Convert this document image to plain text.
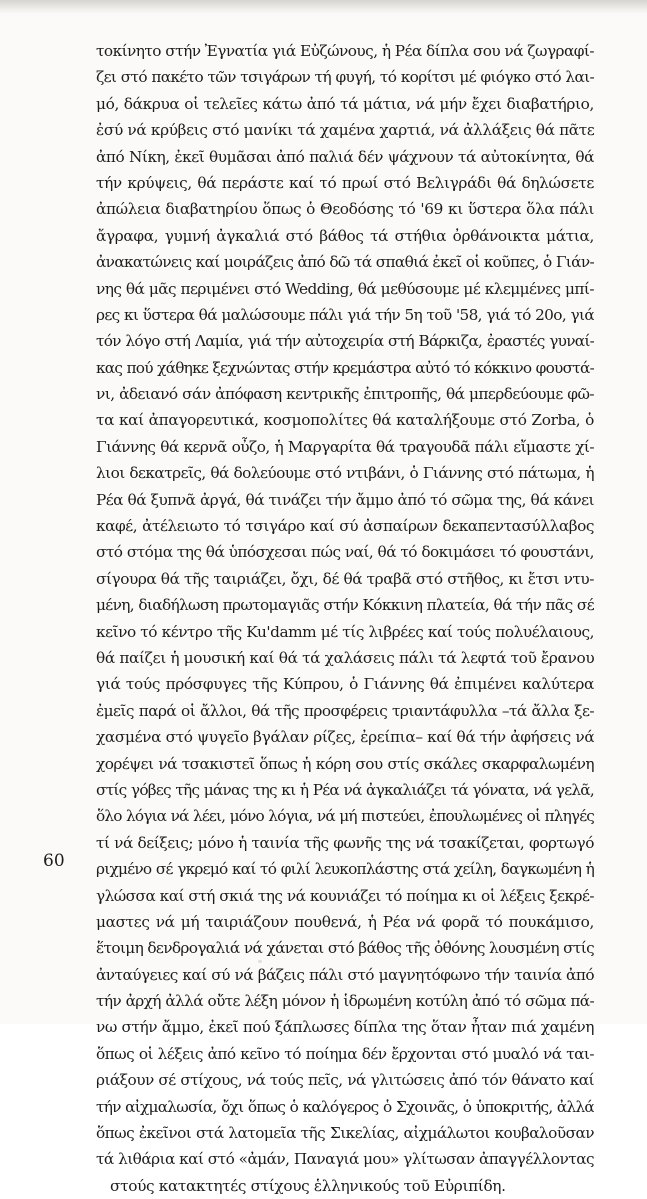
τοκίνητο στήν Ἐγνατία γιά Εὐζώνους, ἡ Ρέα δίπλα σου νά ζωγραφί-
ζει στό πακέτο τῶν τσιγάρων τή φυγή, τό κορίτσι μέ φιόγκο στό λαι-
μό, δάκρυα οἱ τελεῖες κάτω ἀπό τά μάτια, νά μήν ἔχει διαβατήριο,
ἐσύ νά κρύβεις στό μανίκι τά χαμένα χαρτιά, νά ἀλλάξεις θά πᾶτε
ἀπό Νίκη, ἐκεῖ θυμᾶσαι ἀπό παλιά δέν ψάχνουν τά αὐτοκίνητα, θά
τήν κρύψεις, θά περάστε καί τό πρωί στό Βελιγράδι θά δηλώσετε
ἀπώλεια διαβατηρίου ὅπως ὁ Θεοδόσης τό '69 κι ὕστερα ὅλα πάλι
ἄγραφα, γυμνή ἀγκαλιά στό βάθος τά στήθια ὀρθάνοικτα μάτια,
ἀνακατώνεις καί μοιράζεις ἀπό δῶ τά σπαθιά ἐκεῖ οἱ κοῦπες, ὁ Γιάν-
νης θά μᾶς περιμένει στό Wedding, θά μεθύσουμε μέ κλεμμένες μπί-
ρες κι ὕστερα θά μαλώσουμε πάλι γιά τήν 5η τοῦ '58, γιά τό 20ο, γιά
τόν λόγο στή Λαμία, γιά τήν αὐτοχειρία στή Βάρκιζα, ἐραστές γυναί-
κας πού χάθηκε ξεχνώντας στήν κρεμάστρα αὐτό τό κόκκινο φουστά-
νι, ἀδειανό σάν ἀπόφαση κεντρικῆς ἐπιτροπῆς, θά μπερδεύουμε φῶ-
τα καί ἀπαγορευτικά, κοσμοπολίτες θά καταλήξουμε στό Zorba, ὁ
Γιάννης θά κερνᾶ οὖζο, ἡ Μαργαρίτα θά τραγουδᾶ πάλι εἴμαστε χί-
λιοι δεκατρεῖς, θά δολεύουμε στό ντιβάνι, ὁ Γιάννης στό πάτωμα, ἡ
Ρέα θά ξυπνᾶ ἀργά, θά τινάζει τήν ἄμμο ἀπό τό σῶμα της, θά κάνει
καφέ, ἀτέλειωτο τό τσιγάρο καί σύ ἀσπαίρων δεκαπεντασύλλαβος
στό στόμα της θά ὑπόσχεσαι πώς ναί, θά τό δοκιμάσει τό φουστάνι,
σίγουρα θά τῆς ταιριάζει, ὄχι, δέ θά τραβᾶ στό στῆθος, κι ἔτσι ντυ-
μένη, διαδήλωση πρωτομαγιᾶς στήν Κόκκινη πλατεία, θά τήν πᾶς σέ
κεῖνο τό κέντρο τῆς Ku'damm μέ τίς λιβρέες καί τούς πολυέλαιους,
θά παίζει ἡ μουσική καί θά τά χαλάσεις πάλι τά λεφτά τοῦ ἔρανου
γιά τούς πρόσφυγες τῆς Κύπρου, ὁ Γιάννης θά ἐπιμένει καλύτερα
ἐμεῖς παρά οἱ ἄλλοι, θά τῆς προσφέρεις τριαντάφυλλα –τά ἄλλα ξε-
χασμένα στό ψυγεῖο βγάλαν ρίζες, ἐρείπια– καί θά τήν ἀφήσεις νά
χορέψει νά τσακιστεῖ ὅπως ἡ κόρη σου στίς σκάλες σκαρφαλωμένη
στίς γόβες τῆς μάνας της κι ἡ Ρέα νά ἀγκαλιάζει τά γόνατα, νά γελᾶ,
ὅλο λόγια νά λέει, μόνο λόγια, νά μή πιστεύει, ἐπουλωμένες οἱ πληγές
τί νά δείξεις; μόνο ἡ ταινία τῆς φωνῆς της νά τσακίζεται, φορτωγό
ριχμένο σέ γκρεμό καί τό φιλί λευκοπλάστης στά χείλη, δαγκωμένη ἡ
γλώσσα καί στή σκιά της νά κουνιάζει τό ποίημα κι οἱ λέξεις ξεκρέ-
μαστες νά μή ταιριάζουν πουθενά, ἡ Ρέα νά φορᾶ τό πουκάμισο,
ἕτοιμη δενδρογαλιά νά χάνεται στό βάθος τῆς ὀθόνης λουσμένη στίς
ἀνταύγειες καί σύ νά βάζεις πάλι στό μαγνητόφωνο τήν ταινία ἀπό
τήν ἀρχή ἀλλά οὔτε λέξη μόνον ἡ ἱδρωμένη κοτύλη ἀπό τό σῶμα πά-
νω στήν ἄμμο, ἐκεῖ πού ξάπλωσες δίπλα της ὅταν ἦταν πιά χαμένη
ὅπως οἱ λέξεις ἀπό κεῖνο τό ποίημα δέν ἔρχονται στό μυαλό νά ται-
ριάξουν σέ στίχους, νά τούς πεῖς, νά γλιτώσεις ἀπό τόν θάνατο καί
τήν αἰχμαλωσία, ὄχι ὅπως ὁ καλόγερος ὁ Σχοινᾶς, ὁ ὑποκριτής, ἀλλά
ὅπως ἐκεῖνοι στά λατομεῖα τῆς Σικελίας, αἰχμάλωτοι κουβαλοῦσαν
τά λιθάρια καί στό «ἀμάν, Παναγιά μου» γλίτωσαν ἀπαγγέλλοντας
στούς κατακτητές στίχους ἑλληνικούς τοῦ Εὐριπίδη.
60
